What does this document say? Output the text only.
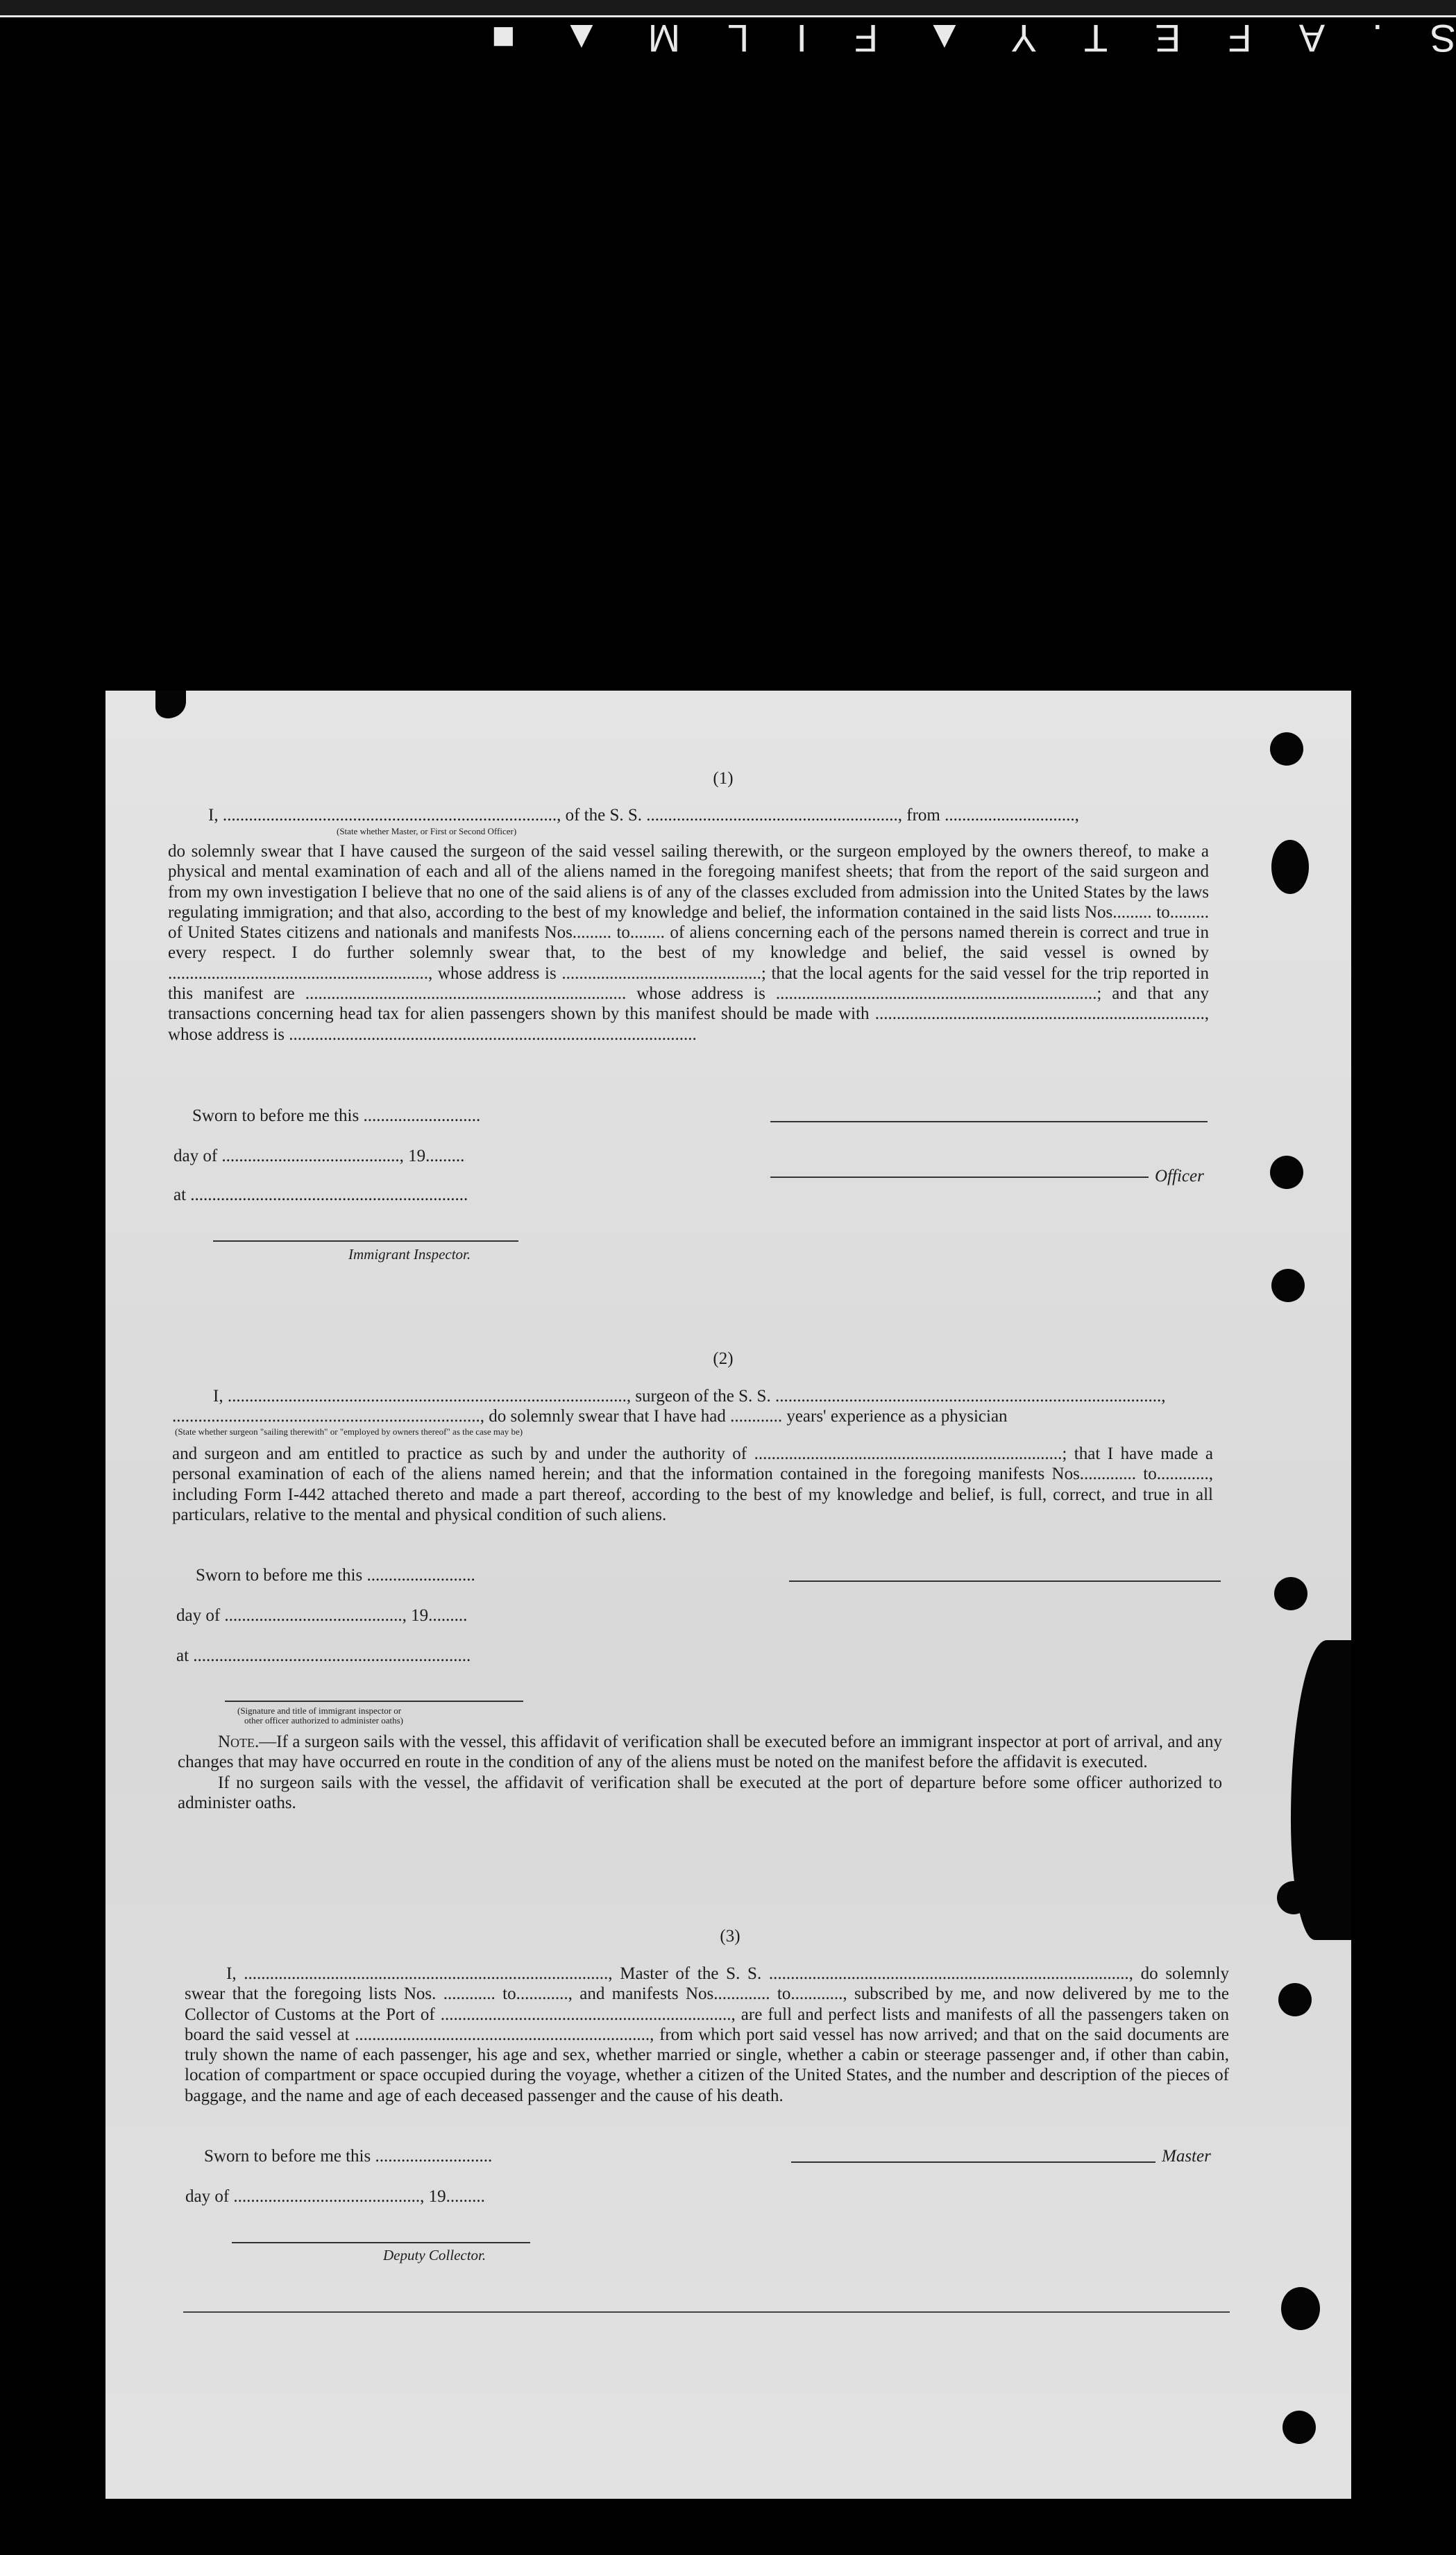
S.AFETY▲FILM▲■
(1)
I, ............................................................................., of the S. S. .........................................................., from ..............................,
(State whether Master, or First or Second Officer)
do solemnly swear that I have caused the surgeon of the said vessel sailing therewith, or the surgeon employed by the owners thereof, to make a physical and mental examination of each and all of the aliens named in the foregoing manifest sheets; that from the report of the said surgeon and from my own investigation I believe that no one of the said aliens is of any of the classes excluded from admission into the United States by the laws regulating immigration; and that also, according to the best of my knowledge and belief, the information contained in the said lists Nos......... to......... of United States citizens and nationals and manifests Nos......... to........ of aliens concerning each of the persons named therein is correct and true in every respect. I do further solemnly swear that, to the best of my knowledge and belief, the said vessel is owned by ............................................................, whose address is ..............................................; that the local agents for the said vessel for the trip reported in this manifest are .......................................................................... whose address is ..........................................................................; and that any transactions concerning head tax for alien passengers shown by this manifest should be made with ............................................................................, whose address is ..............................................................................................
Sworn to before me this ...........................
day of ........................................., 19.........
Officer
at ................................................................
Immigrant Inspector.
(2)
I, ............................................................................................, surgeon of the S. S. .........................................................................................,
......................................................................., do solemnly swear that I have had ............ years' experience as a physician
(State whether surgeon "sailing therewith" or "employed by owners thereof" as the case may be)
and surgeon and am entitled to practice as such by and under the authority of .......................................................................; that I have made a personal examination of each of the aliens named herein; and that the information contained in the foregoing manifests Nos............. to............, including Form I-442 attached thereto and made a part thereof, according to the best of my knowledge and belief, is full, correct, and true in all particulars, relative to the mental and physical condition of such aliens.
Sworn to before me this .........................
day of ........................................., 19.........
at ................................................................
(Signature and title of immigrant inspector or
other officer authorized to administer oaths)

Note.—If a surgeon sails with the vessel, this affidavit of verification shall be executed before an immigrant inspector at port of arrival, and any changes that may have occurred en route in the condition of any of the aliens must be noted on the manifest before the affidavit is executed.

If no surgeon sails with the vessel, the affidavit of verification shall be executed at the port of departure before some officer authorized to administer oaths.

(3)
I, ...................................................................................., Master of the S. S. ..................................................................................., do solemnly swear that the foregoing lists Nos. ............ to............, and manifests Nos............. to............, subscribed by me, and now delivered by me to the Collector of Customs at the Port of ..................................................................., are full and perfect lists and manifests of all the passengers taken on board the said vessel at ...................................................................., from which port said vessel has now arrived; and that on the said documents are truly shown the name of each passenger, his age and sex, whether married or single, whether a cabin or steerage passenger and, if other than cabin, location of compartment or space occupied during the voyage, whether a citizen of the United States, and the number and description of the pieces of baggage, and the name and age of each deceased passenger and the cause of his death.
Sworn to before me this ...........................	Master
day of ..........................................., 19.........
Deputy Collector.
